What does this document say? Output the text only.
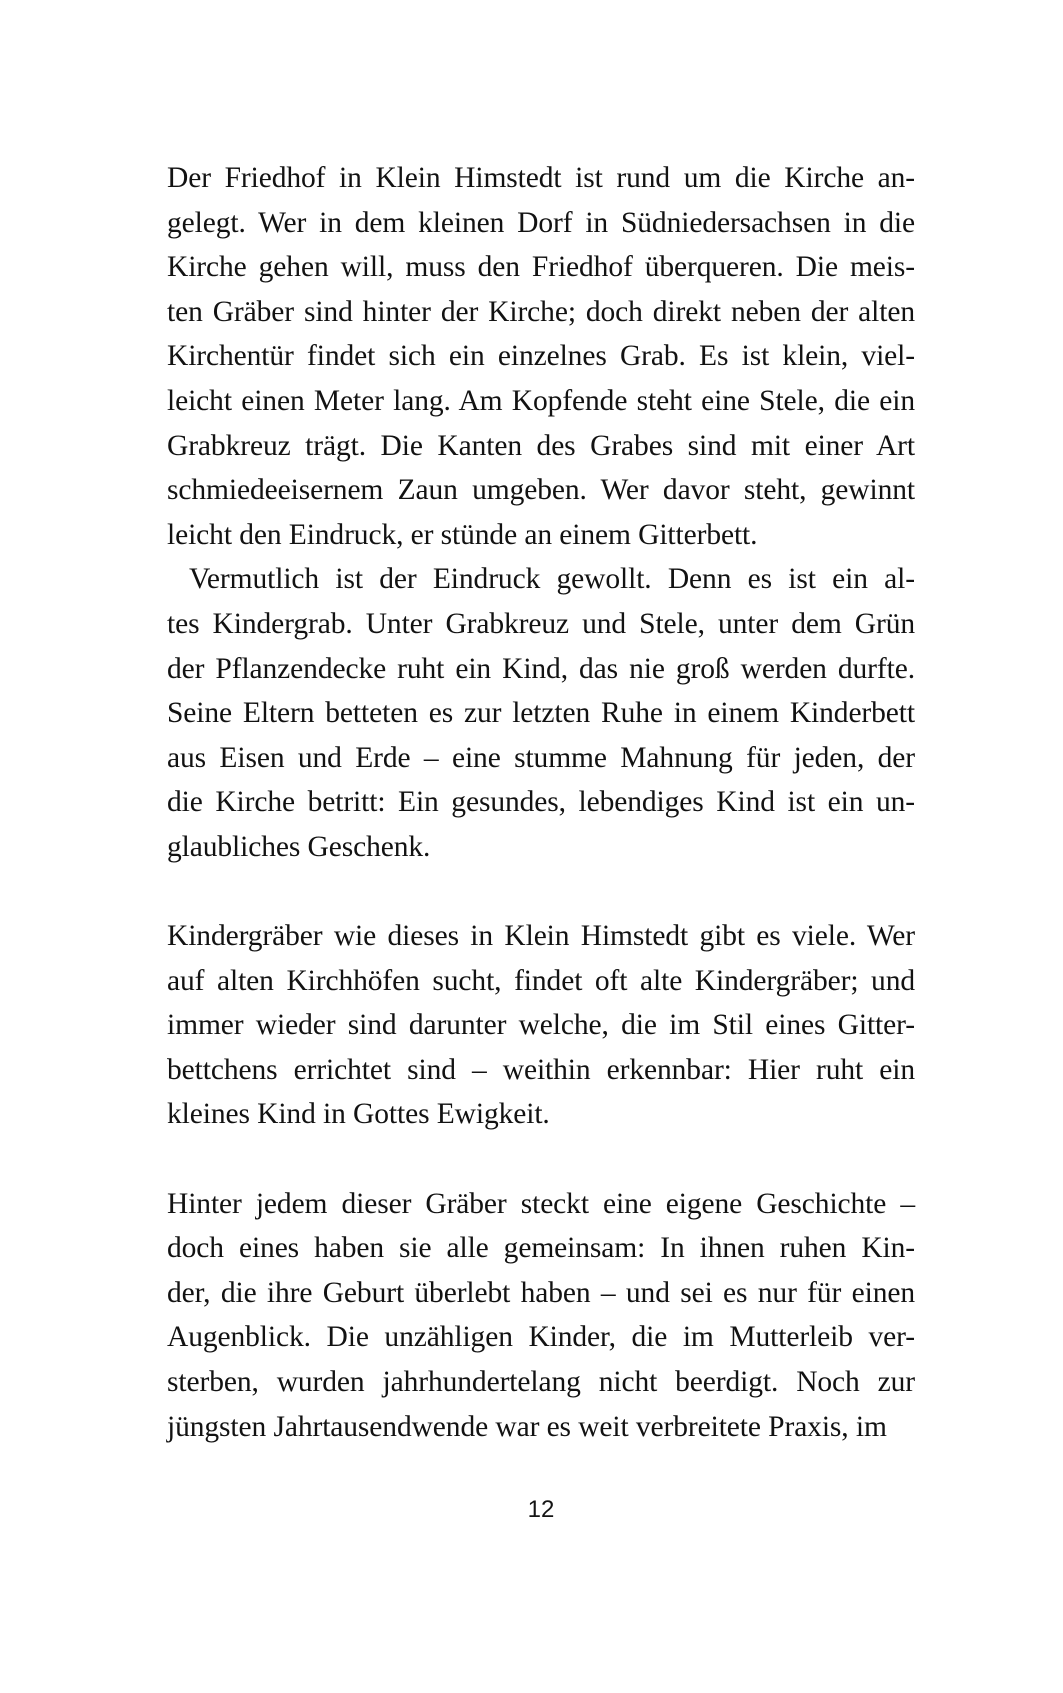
Der Friedhof in Klein Himstedt ist rund um die Kirche an-
gelegt. Wer in dem kleinen Dorf in Südniedersachsen in die
Kirche gehen will, muss den Friedhof überqueren. Die meis-
ten Gräber sind hinter der Kirche; doch direkt neben der alten
Kirchentür findet sich ein einzelnes Grab. Es ist klein, viel-
leicht einen Meter lang. Am Kopfende steht eine Stele, die ein
Grabkreuz trägt. Die Kanten des Grabes sind mit einer Art
schmiedeeisernem Zaun umgeben. Wer davor steht, gewinnt
leicht den Eindruck, er stünde an einem Gitterbett.

Vermutlich ist der Eindruck gewollt. Denn es ist ein al-
tes Kindergrab. Unter Grabkreuz und Stele, unter dem Grün
der Pflanzendecke ruht ein Kind, das nie groß werden durfte.
Seine Eltern betteten es zur letzten Ruhe in einem Kinderbett
aus Eisen und Erde – eine stumme Mahnung für jeden, der
die Kirche betritt: Ein gesundes, lebendiges Kind ist ein un-
glaubliches Geschenk.

Kindergräber wie dieses in Klein Himstedt gibt es viele. Wer
auf alten Kirchhöfen sucht, findet oft alte Kindergräber; und
immer wieder sind darunter welche, die im Stil eines Gitter-
bettchens errichtet sind – weithin erkennbar: Hier ruht ein
kleines Kind in Gottes Ewigkeit.

Hinter jedem dieser Gräber steckt eine eigene Geschichte –
doch eines haben sie alle gemeinsam: In ihnen ruhen Kin-
der, die ihre Geburt überlebt haben – und sei es nur für einen
Augenblick. Die unzähligen Kinder, die im Mutterleib ver-
sterben, wurden jahrhundertelang nicht beerdigt. Noch zur
jüngsten Jahrtausendwende war es weit verbreitete Praxis, im

12
